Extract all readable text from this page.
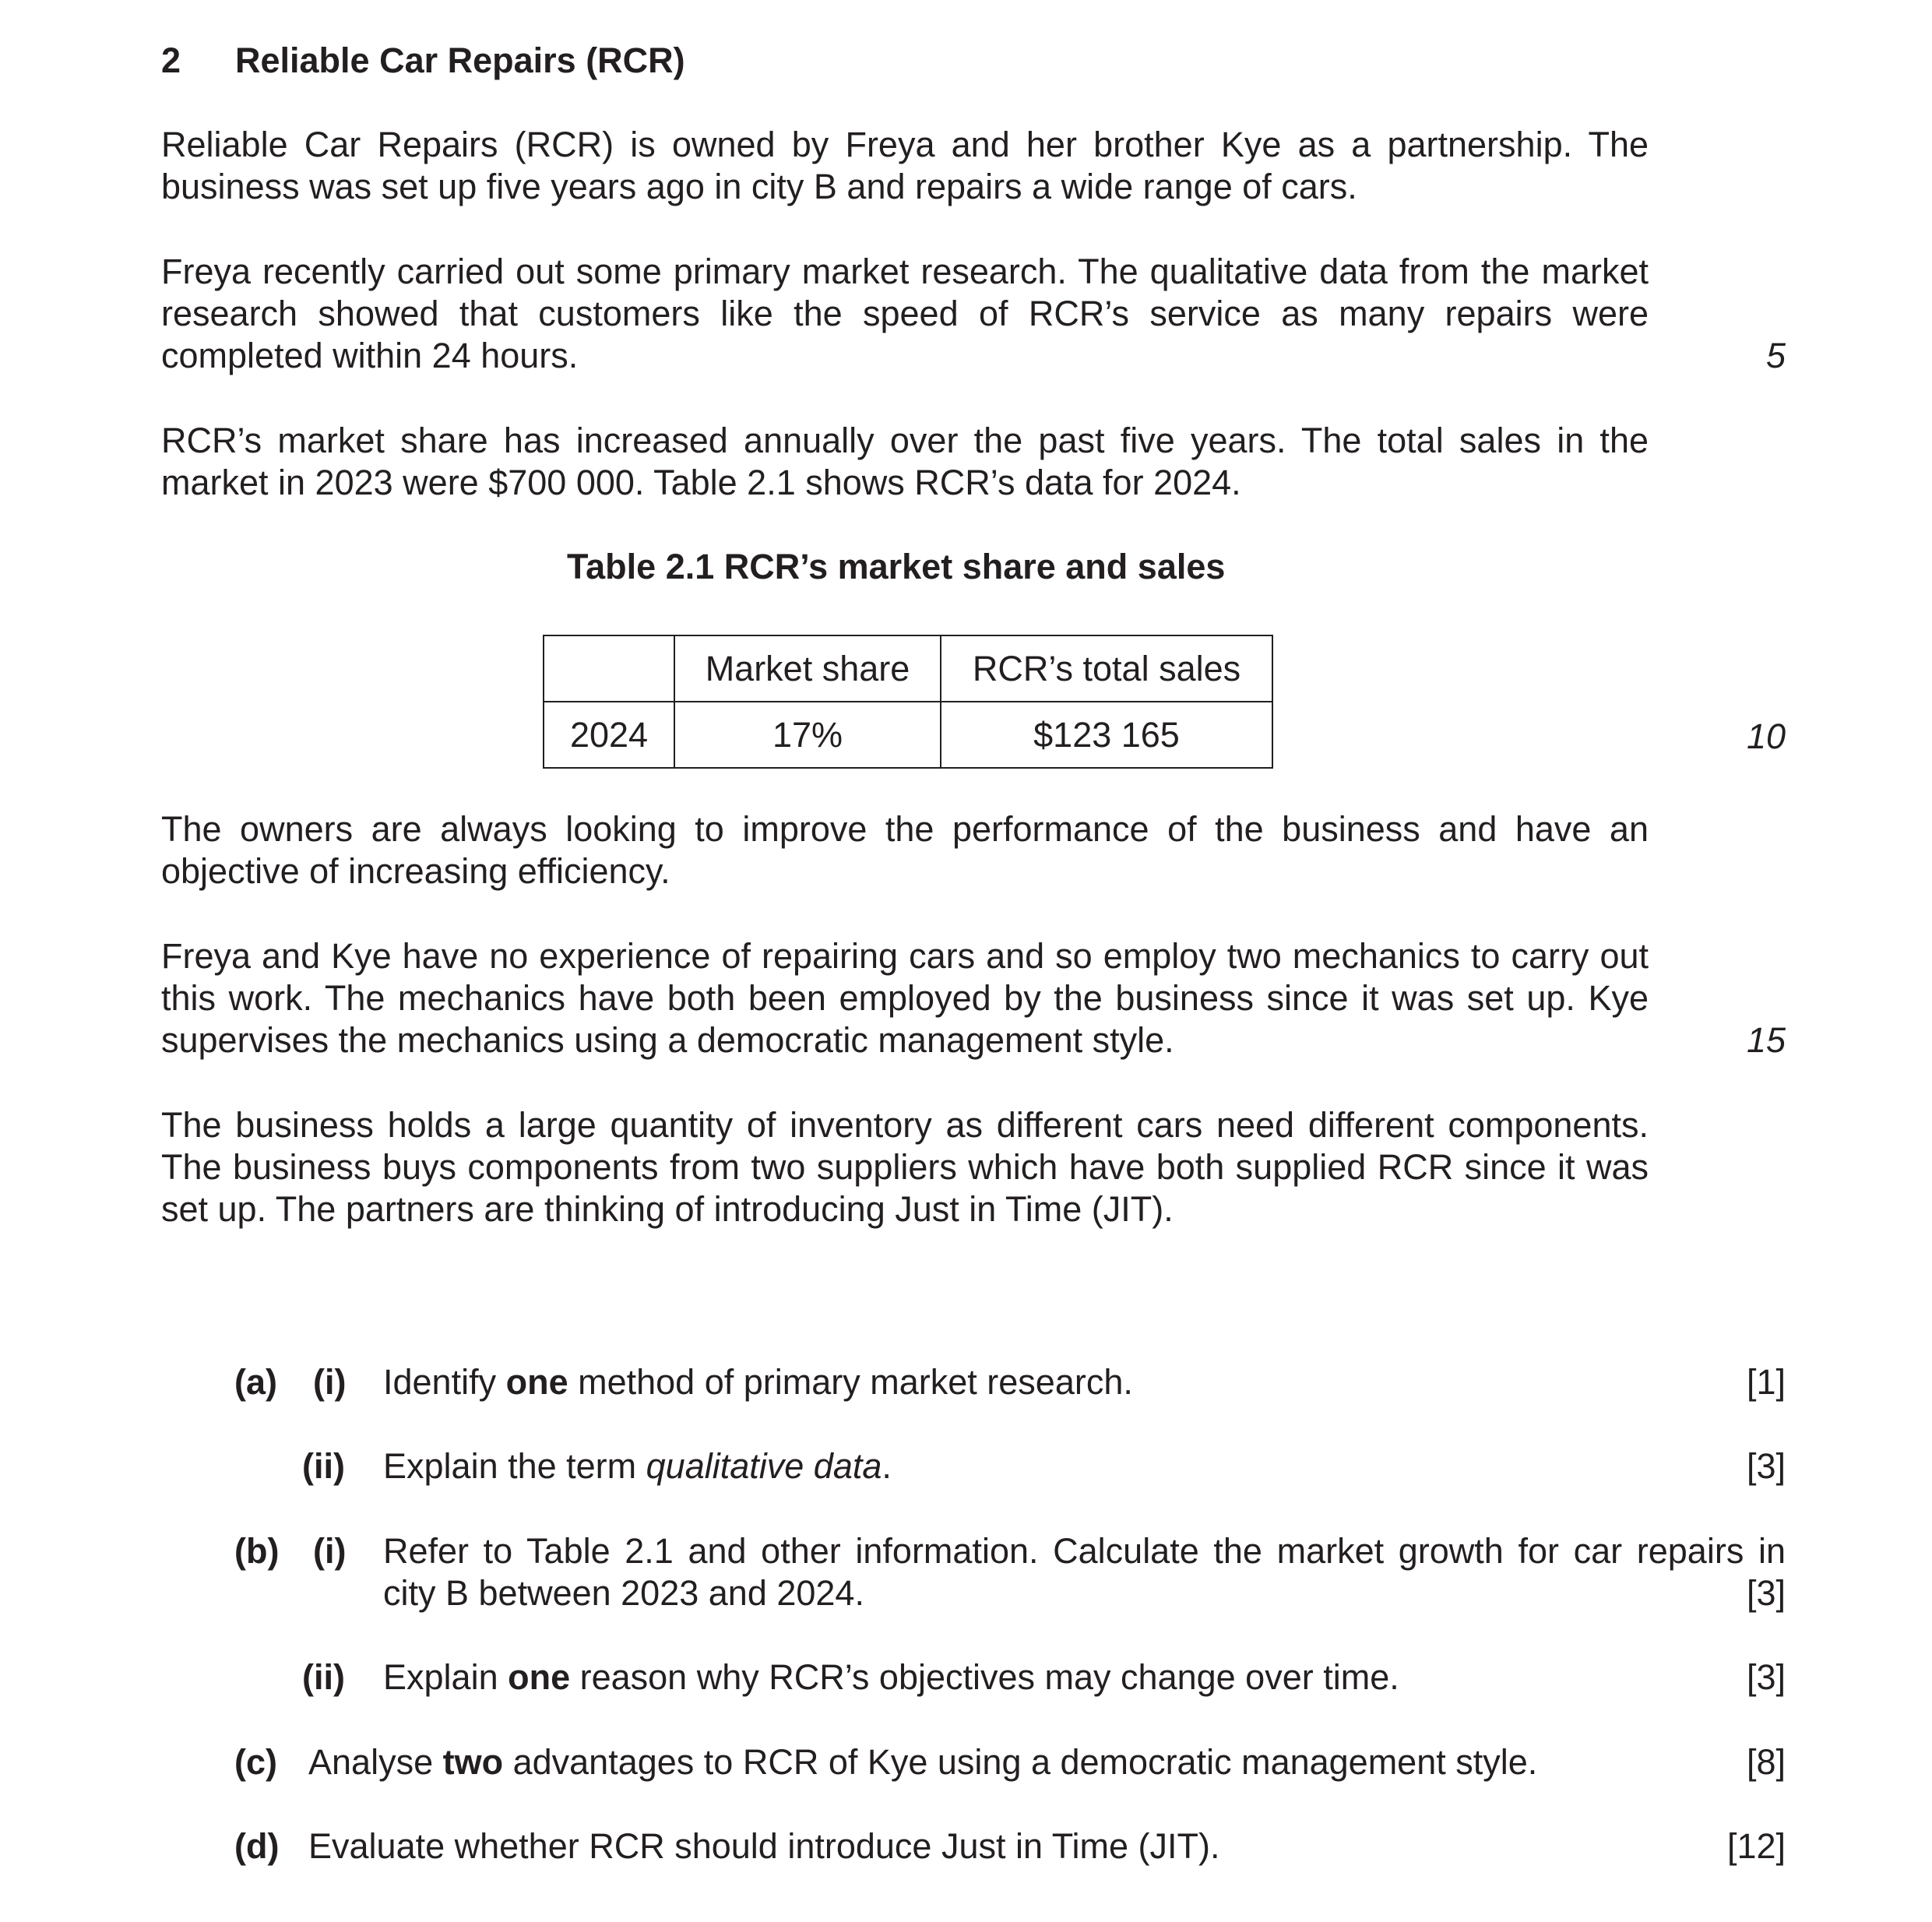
2 Reliable Car Repairs (RCR)
Reliable Car Repairs (RCR) is owned by Freya and her brother Kye as a partnership. The
business was set up five years ago in city B and repairs a wide range of cars.
Freya recently carried out some primary market research. The qualitative data from the market
research showed that customers like the speed of RCR’s service as many repairs were
completed within 24 hours.	5
RCR’s market share has increased annually over the past five years. The total sales in the
market in 2023 were $700 000. Table 2.1 shows RCR’s data for 2024.
Table 2.1 RCR’s market share and sales
	Market share	RCR’s total sales
2024	17%	$123 165	10
The owners are always looking to improve the performance of the business and have an
objective of increasing efficiency.
Freya and Kye have no experience of repairing cars and so employ two mechanics to carry out
this work. The mechanics have both been employed by the business since it was set up. Kye
supervises the mechanics using a democratic management style.	15
The business holds a large quantity of inventory as different cars need different components.
The business buys components from two suppliers which have both supplied RCR since it was
set up. The partners are thinking of introducing Just in Time (JIT).
(a) (i) Identify one method of primary market research.	[1]
(ii) Explain the term qualitative data.	[3]
(b) (i) Refer to Table 2.1 and other information. Calculate the market growth for car repairs in
city B between 2023 and 2024.	[3]
(ii) Explain one reason why RCR’s objectives may change over time.	[3]
(c) Analyse two advantages to RCR of Kye using a democratic management style.	[8]
(d) Evaluate whether RCR should introduce Just in Time (JIT).	[12]
